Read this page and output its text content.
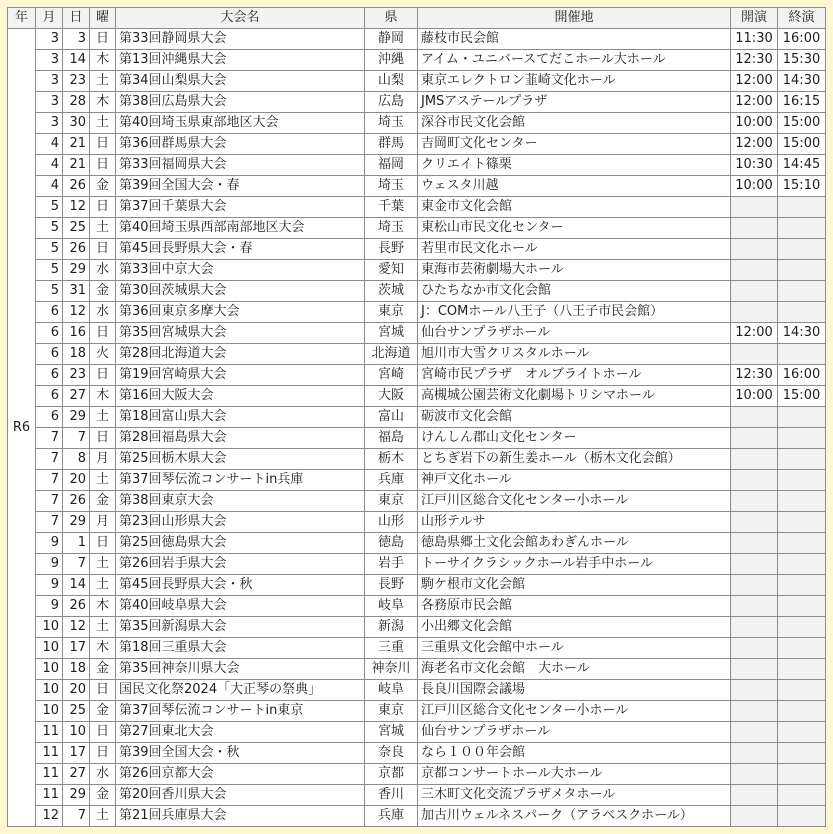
年	月	日	曜	大会名	県	開催地	開演	終演
R6	3	3	日	第33回静岡県大会	静岡	藤枝市民会館	11:30	16:00
	3	14	木	第13回沖縄県大会	沖縄	アイム・ユニバースてだこホール大ホール	12:30	15:30
	3	23	土	第34回山梨県大会	山梨	東京エレクトロン韮崎文化ホール	12:00	14:30
	3	28	木	第38回広島県大会	広島	JMSアステールプラザ	12:00	16:15
	3	30	土	第40回埼玉県東部地区大会	埼玉	深谷市民文化会館	10:00	15:00
	4	21	日	第36回群馬県大会	群馬	吉岡町文化センター	12:00	15:00
	4	21	日	第33回福岡県大会	福岡	クリエイト篠栗	10:30	14:45
	4	26	金	第39回全国大会・春	埼玉	ウェスタ川越	10:00	15:10
	5	12	日	第37回千葉県大会	千葉	東金市文化会館		
	5	25	土	第40回埼玉県西部南部地区大会	埼玉	東松山市民文化センター		
	5	26	日	第45回長野県大会・春	長野	若里市民文化ホール		
	5	29	水	第33回中京大会	愛知	東海市芸術劇場大ホール		
	5	31	金	第30回茨城県大会	茨城	ひたちなか市文化会館		
	6	12	水	第36回東京多摩大会	東京	J：COMホール八王子（八王子市民会館）		
	6	16	日	第35回宮城県大会	宮城	仙台サンプラザホール	12:00	14:30
	6	18	火	第28回北海道大会	北海道	旭川市大雪クリスタルホール		
	6	23	日	第19回宮崎県大会	宮崎	宮崎市民プラザ　オルブライトホール	12:30	16:00
	6	27	木	第16回大阪大会	大阪	高槻城公園芸術文化劇場トリシマホール	10:00	15:00
	6	29	土	第18回富山県大会	富山	砺波市文化会館		
	7	7	日	第28回福島県大会	福島	けんしん郡山文化センター		
	7	8	月	第25回栃木県大会	栃木	とちぎ岩下の新生姜ホール（栃木文化会館）		
	7	20	土	第37回琴伝流コンサートin兵庫	兵庫	神戸文化ホール		
	7	26	金	第38回東京大会	東京	江戸川区総合文化センター小ホール		
	7	29	月	第23回山形県大会	山形	山形テルサ		
	9	1	日	第25回徳島県大会	徳島	徳島県郷土文化会館あわぎんホール		
	9	7	土	第26回岩手県大会	岩手	トーサイクラシックホール岩手中ホール		
	9	14	土	第45回長野県大会・秋	長野	駒ケ根市文化会館		
	9	26	木	第40回岐阜県大会	岐阜	各務原市民会館		
	10	12	土	第35回新潟県大会	新潟	小出郷文化会館		
	10	17	木	第18回三重県大会	三重	三重県文化会館中ホール		
	10	18	金	第35回神奈川県大会	神奈川	海老名市文化会館　大ホール		
	10	20	日	国民文化祭2024「大正琴の祭典」	岐阜	長良川国際会議場		
	10	25	金	第37回琴伝流コンサートin東京	東京	江戸川区総合文化センター小ホール		
	11	10	日	第27回東北大会	宮城	仙台サンプラザホール		
	11	17	日	第39回全国大会・秋	奈良	なら１００年会館		
	11	27	水	第26回京都大会	京都	京都コンサートホール大ホール		
	11	29	金	第20回香川県大会	香川	三木町文化交流プラザメタホール		
	12	7	土	第21回兵庫県大会	兵庫	加古川ウェルネスパーク（アラベスクホール）		
